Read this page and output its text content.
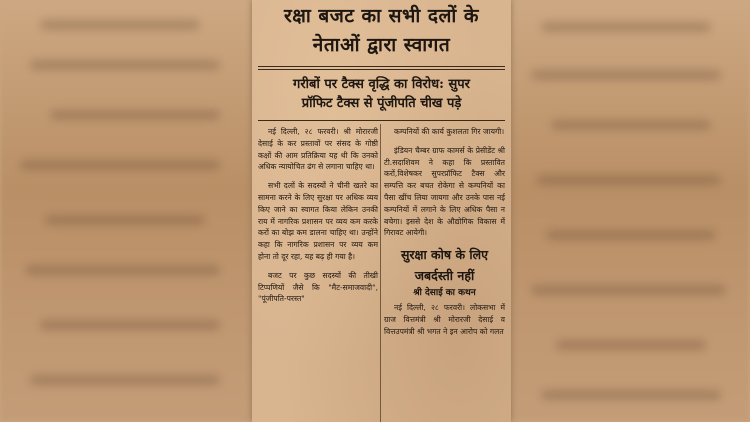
रक्षा बजट का सभी दलों के
नेताओं द्वारा स्वागत
गरीबों पर टैक्स वृद्धि का विरोध: सुपर
प्रॉफिट टैक्स से पूंजीपति चीख पड़े

नई दिल्ली, २८ फरवरी। श्री मोरारजी देसाई के कर प्रस्तावों पर संसद के गोष्ठी कक्षों की आम प्रतिक्रिया यह थी कि उनको अधिक न्यायोचित ढंग से लगाना चाहिए था।

सभी दलों के सदस्यों ने चीनी खतरे का सामना करने के लिए सुरक्षा पर अधिक व्यय किए जाने का स्वागत किया लेकिन उनकी राय में नागरिक प्रशासन पर व्यय कम करके करों का बोझ कम डालना चाहिए था। उन्होंने कहा कि नागरिक प्रशासन पर व्यय कम होना तो दूर रहा, यह बढ़ ही गया है।

बजट पर कुछ सदस्यों की तीखी टिप्पणियों जैसे कि "मैट-समाजवादी", "पूंजीपति-परस्त"

कम्पनियों की कार्य कुशलता गिर जायगी।

इंडियन चैम्बर ग्राफ कामर्स के प्रेसीडेंट श्री टी.सदाशिवम ने कहा कि प्रस्तावित करों,विशेषकर सुपरप्रॉफिट टैक्स और सम्पत्ति कर बचत रोकेगा से कम्पनियों का पैसा खींच लिया जायगा और उनके पास नई कम्पनियों में लगाने के लिए अधिक पैसा न बचेगा। इससे देश के औद्योगिक विकास में गिरावट आयेगी।

सुरक्षा कोष के लिए
जबर्दस्ती नहीं
श्री देसाई का कथन

नई दिल्ली, २८ फरवरी। लोकसभा में ग्राज वित्तमंत्री श्री मोरारजी देसाई व वित्तउपमंत्री श्री भगत ने इन आरोप को गलत
